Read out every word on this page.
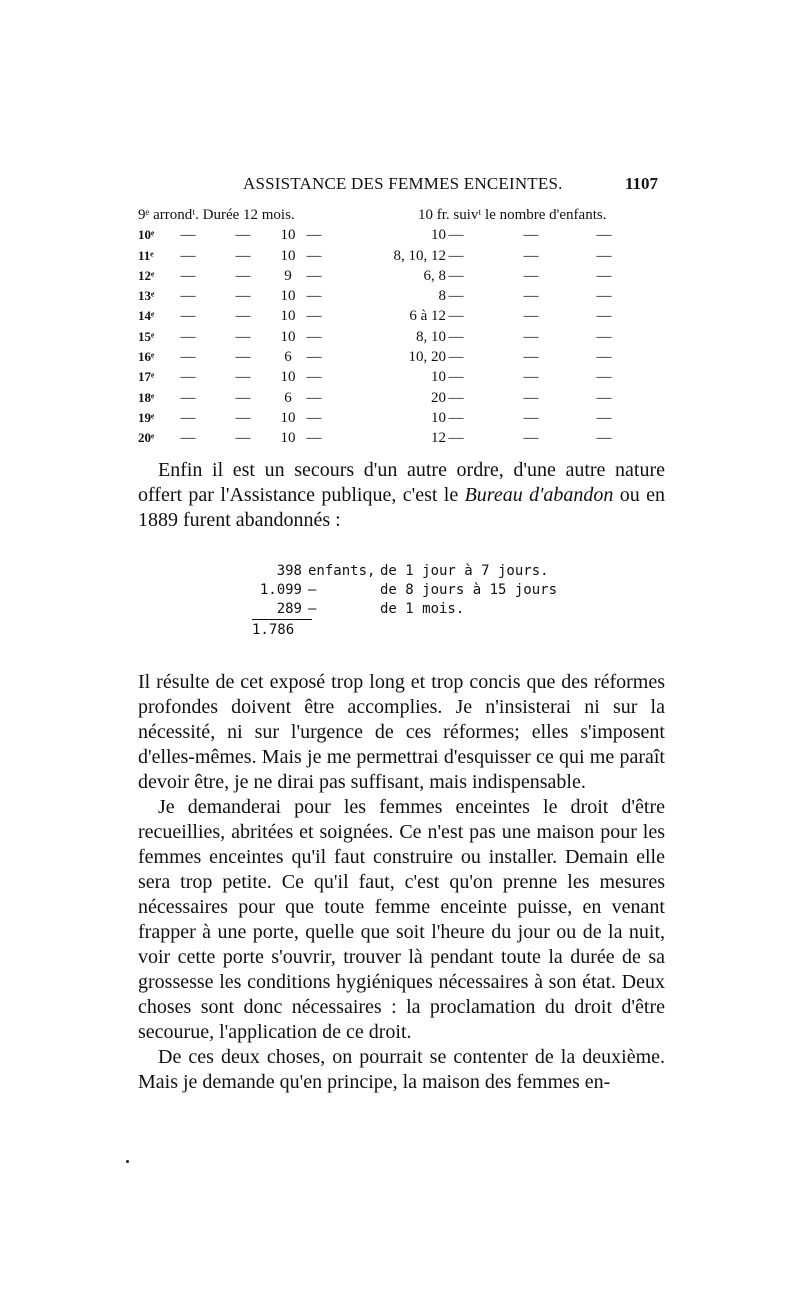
ASSISTANCE DES FEMMES ENCEINTES.	1107
9ᵉ arrondᵗ. Durée 12 mois.	10 fr. suivᵗ le nombre d'enfants.
10ᵉ	—	—	10 —	10 —	—	—
11ᵉ	—	—	10 —	8, 10, 12 —	—	—
12ᵉ	—	—	9 —	6, 8 —	—	—
13ᵉ	—	—	10 —	8 —	—	—
14ᵉ	—	—	10 —	6 à 12 —	—	—
15ᵉ	—	—	10 —	8, 10 —	—	—
16ᵉ	—	—	6 —	10, 20 —	—	—
17ᵉ	—	—	10 —	10 —	—	—
18ᵉ	—	—	6 —	20 —	—	—
19ᵉ	—	—	10 —	10 —	—	—
20ᵉ	—	—	10 —	12 —	—	—

Enfin il est un secours d'un autre ordre, d'une autre nature offert par l'Assistance publique, c'est le Bureau d'abandon ou en 1889 furent abandonnés :

398 enfants, de 1 jour à 7 jours.
1.099 —	de 8 jours à 15 jours
289 —	de 1 mois.
1.786

Il résulte de cet exposé trop long et trop concis que des réformes profondes doivent être accomplies. Je n'insisterai ni sur la nécessité, ni sur l'urgence de ces réformes; elles s'imposent d'elles-mêmes. Mais je me permettrai d'esquisser ce qui me paraît devoir être, je ne dirai pas suffisant, mais indispensable.

Je demanderai pour les femmes enceintes le droit d'être recueillies, abritées et soignées. Ce n'est pas une maison pour les femmes enceintes qu'il faut construire ou installer. Demain elle sera trop petite. Ce qu'il faut, c'est qu'on prenne les mesures nécessaires pour que toute femme enceinte puisse, en venant frapper à une porte, quelle que soit l'heure du jour ou de la nuit, voir cette porte s'ouvrir, trouver là pendant toute la durée de sa grossesse les conditions hygiéniques nécessaires à son état. Deux choses sont donc nécessaires : la proclamation du droit d'être secourue, l'application de ce droit.

De ces deux choses, on pourrait se contenter de la deuxième. Mais je demande qu'en principe, la maison des femmes en-
